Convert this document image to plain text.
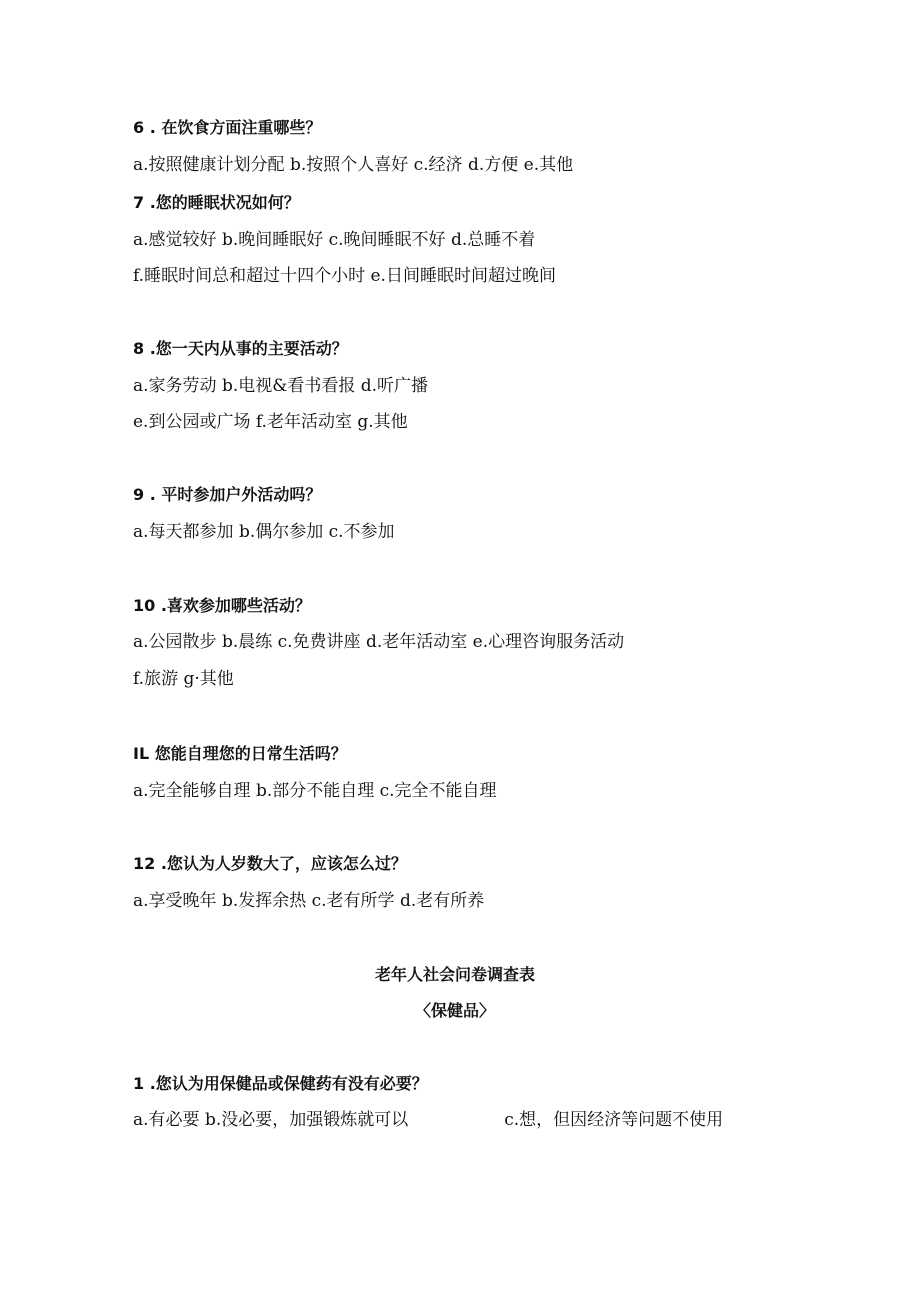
6 . 在饮食方面注重哪些？
a.按照健康计划分配 b.按照个人喜好 c.经济 d.方便 e.其他
7 .您的睡眠状况如何？
a.感觉较好 b.晚间睡眠好 c.晚间睡眠不好 d.总睡不着
f.睡眠时间总和超过十四个小时 e.日间睡眠时间超过晚间
8 .您一天内从事的主要活动？
a.家务劳动 b.电视&看书看报 d.听广播
e.到公园或广场 f.老年活动室 g.其他
9 . 平时参加户外活动吗？
a.每天都参加 b.偶尔参加 c.不参加
10 .喜欢参加哪些活动？
a.公园散步 b.晨练 c.免费讲座 d.老年活动室 e.心理咨询服务活动
f.旅游 g·其他
IL 您能自理您的日常生活吗？
a.完全能够自理 b.部分不能自理 c.完全不能自理
12 .您认为人岁数大了，应该怎么过？
a.享受晚年 b.发挥余热 c.老有所学 d.老有所养
老年人社会问卷调查表
〈保健品〉
1 .您认为用保健品或保健药有没有必要？
a.有必要 b.没必要，加强锻炼就可以	c.想，但因经济等问题不使用
